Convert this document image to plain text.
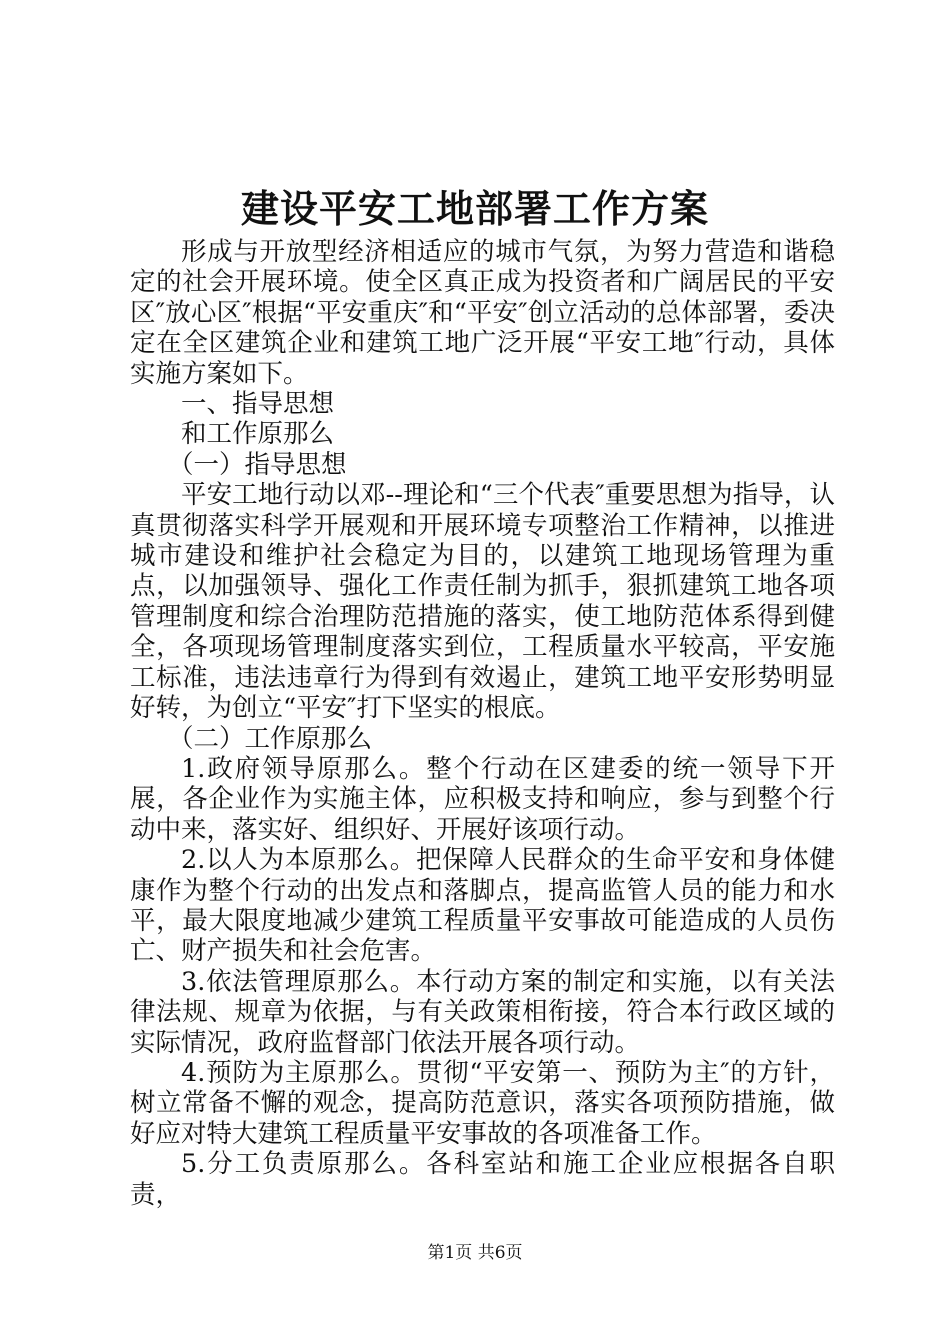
建设平安工地部署工作方案

形成与开放型经济相适应的城市气氛，为努力营造和谐稳定的社会开展环境。使全区真正成为投资者和广阔居民的平安区″放心区″根据“平安重庆″和“平安″创立活动的总体部署，委决定在全区建筑企业和建筑工地广泛开展“平安工地″行动，具体实施方案如下。

一、指导思想

和工作原那么

（一）指导思想

平安工地行动以邓--理论和“三个代表″重要思想为指导，认真贯彻落实科学开展观和开展环境专项整治工作精神，以推进城市建设和维护社会稳定为目的，以建筑工地现场管理为重点，以加强领导、强化工作责任制为抓手，狠抓建筑工地各项管理制度和综合治理防范措施的落实，使工地防范体系得到健全，各项现场管理制度落实到位，工程质量水平较高，平安施工标准，违法违章行为得到有效遏止，建筑工地平安形势明显好转，为创立“平安″打下坚实的根底。

（二）工作原那么

1.政府领导原那么。整个行动在区建委的统一领导下开展，各企业作为实施主体，应积极支持和响应，参与到整个行动中来，落实好、组织好、开展好该项行动。

2.以人为本原那么。把保障人民群众的生命平安和身体健康作为整个行动的出发点和落脚点，提高监管人员的能力和水平，最大限度地减少建筑工程质量平安事故可能造成的人员伤亡、财产损失和社会危害。

3.依法管理原那么。本行动方案的制定和实施，以有关法律法规、规章为依据，与有关政策相衔接，符合本行政区域的实际情况，政府监督部门依法开展各项行动。

4.预防为主原那么。贯彻“平安第一、预防为主″的方针，树立常备不懈的观念，提高防范意识，落实各项预防措施，做好应对特大建筑工程质量平安事故的各项准备工作。

5.分工负责原那么。各科室站和施工企业应根据各自职责，

第1页 共6页
